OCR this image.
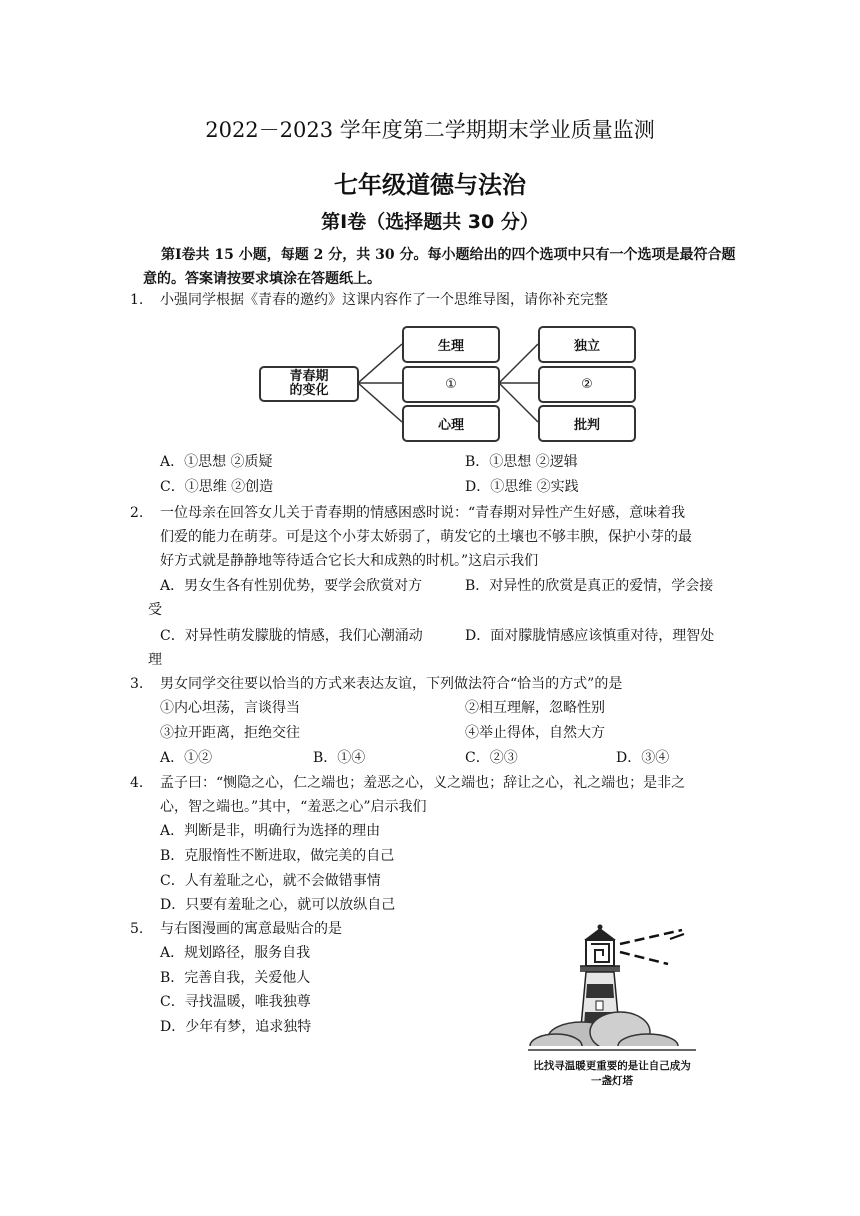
2022－2023 学年度第二学期期末学业质量监测
七年级道德与法治
第Ⅰ卷（选择题共 30 分）
第Ⅰ卷共 15 小题，每题 2 分，共 30 分。每小题给出的四个选项中只有一个选项是最符合题意的。答案请按要求填涂在答题纸上。
1. 小强同学根据《青春的邀约》这课内容作了一个思维导图，请你补充完整
青春期
的变化
生理
①
心理
独立
②
批判
A．①思想 ②质疑	B．①思想 ②逻辑
C．①思维 ②创造	D．①思维 ②实践
2. 一位母亲在回答女儿关于青春期的情感困惑时说：“青春期对异性产生好感，意味着我
们爱的能力在萌芽。可是这个小芽太娇弱了，萌发它的土壤也不够丰腴，保护小芽的最
好方式就是静静地等待适合它长大和成熟的时机。”这启示我们
A．男女生各有性别优势，要学会欣赏对方
受
B．对异性的欣赏是真正的爱情，学会接
C．对异性萌发朦胧的情感，我们心潮涌动
理
D．面对朦胧情感应该慎重对待，理智处
3. 男女同学交往要以恰当的方式来表达友谊，下列做法符合“恰当的方式”的是
①内心坦荡，言谈得当	②相互理解，忽略性别
③拉开距离，拒绝交往	④举止得体，自然大方
A．①②	B．①④	C．②③	D．③④
4. 孟子曰：“恻隐之心，仁之端也；羞恶之心，义之端也；辞让之心，礼之端也；是非之
心，智之端也。”其中，“羞恶之心”启示我们
A．判断是非，明确行为选择的理由
B．克服惰性不断进取，做完美的自己
C．人有羞耻之心，就不会做错事情
D．只要有羞耻之心，就可以放纵自己
5. 与右图漫画的寓意最贴合的是
A．规划路径，服务自我
B．完善自我，关爱他人
C．寻找温暖，唯我独尊
D．少年有梦，追求独特
比找寻温暖更重要的是让自己成为
一盏灯塔
